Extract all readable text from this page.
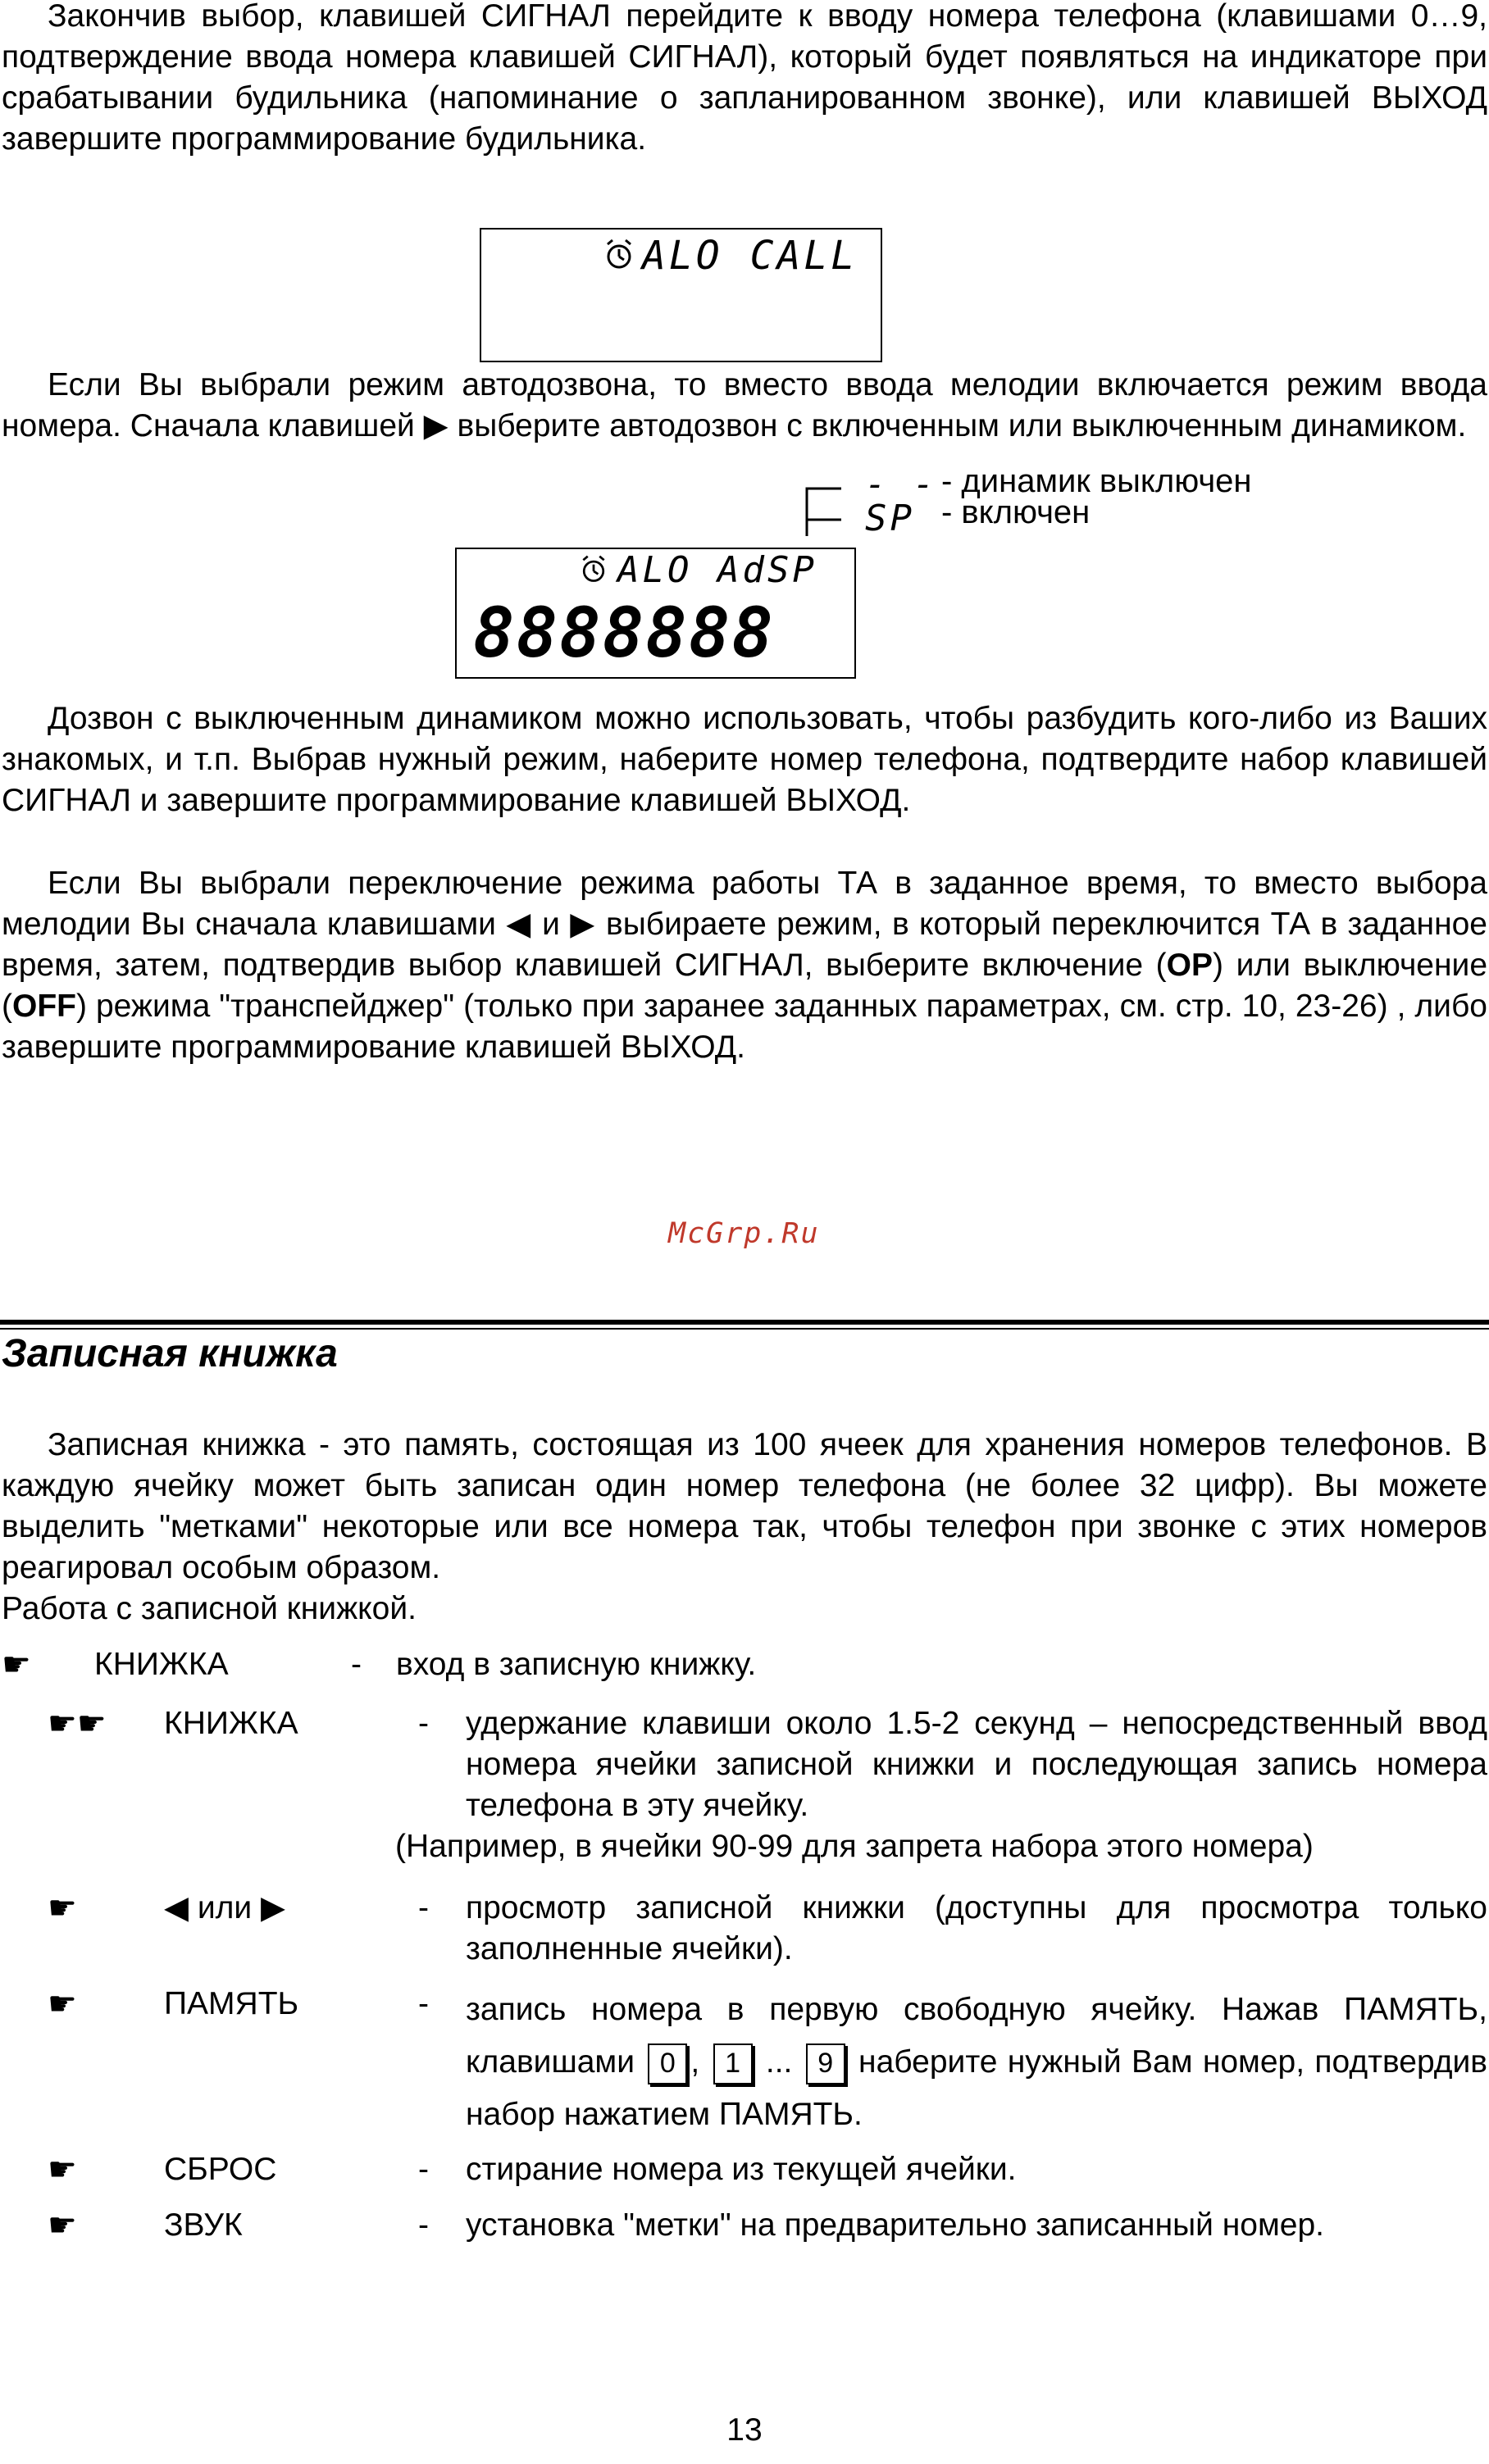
Закончив выбор, клавишей СИГНАЛ перейдите к вводу номера телефона (клавишами 0…9, подтверждение ввода номера клавишей СИГНАЛ), который будет появляться на индикаторе при срабатывании будильника (напоминание о запланированном звонке), или клавишей ВЫХОД завершите программирование будильника.
ALO CALL
Если Вы выбрали режим автодозвона, то вместо ввода мелодии включается режим ввода номера. Сначала клавишей ▶ выберите автодозвон с включенным или выключенным динамиком.
- - - динамик выключен
SP - включен
ALO AdSP
8888888
Дозвон с выключенным динамиком можно использовать, чтобы разбудить кого-либо из Ваших знакомых, и т.п. Выбрав нужный режим, наберите номер телефона, подтвердите набор клавишей СИГНАЛ и завершите программирование клавишей ВЫХОД.
Если Вы выбрали переключение режима работы ТА в заданное время, то вместо выбора мелодии Вы сначала клавишами ◀ и ▶ выбираете режим, в который переключится ТА в заданное время, затем, подтвердив выбор клавишей СИГНАЛ, выберите включение (OP) или выключение (OFF) режима "транспейджер" (только при заранее заданных параметрах, см. стр. 10, 23-26) , либо завершите программирование клавишей ВЫХОД.
McGrp.Ru
Записная книжка
Записная книжка - это память, состоящая из 100 ячеек для хранения номеров телефонов. В каждую ячейку может быть записан один номер телефона (не более 32 цифр). Вы можете выделить "метками" некоторые или все номера так, чтобы телефон при звонке с этих номеров реагировал особым образом.
Работа с записной книжкой.
☛ КНИЖКА	- вход в записную книжку.
☛☛ КНИЖКА	- удержание клавиши около 1.5-2 секунд – непосредственный ввод номера ячейки записной книжки и последующая запись номера телефона в эту ячейку.
(Например, в ячейки 90-99 для запрета набора этого номера)
☛	◀ или ▶	- просмотр записной книжки (доступны для просмотра только заполненные ячейки).
☛	ПАМЯТЬ	- запись номера в первую свободную ячейку. Нажав ПАМЯТЬ, клавишами 0 , 1 ... 9 наберите нужный Вам номер, подтвердив набор нажатием ПАМЯТЬ.
☛	СБРОС	- стирание номера из текущей ячейки.
☛	ЗВУК	- установка "метки" на предварительно записанный номер.
13
